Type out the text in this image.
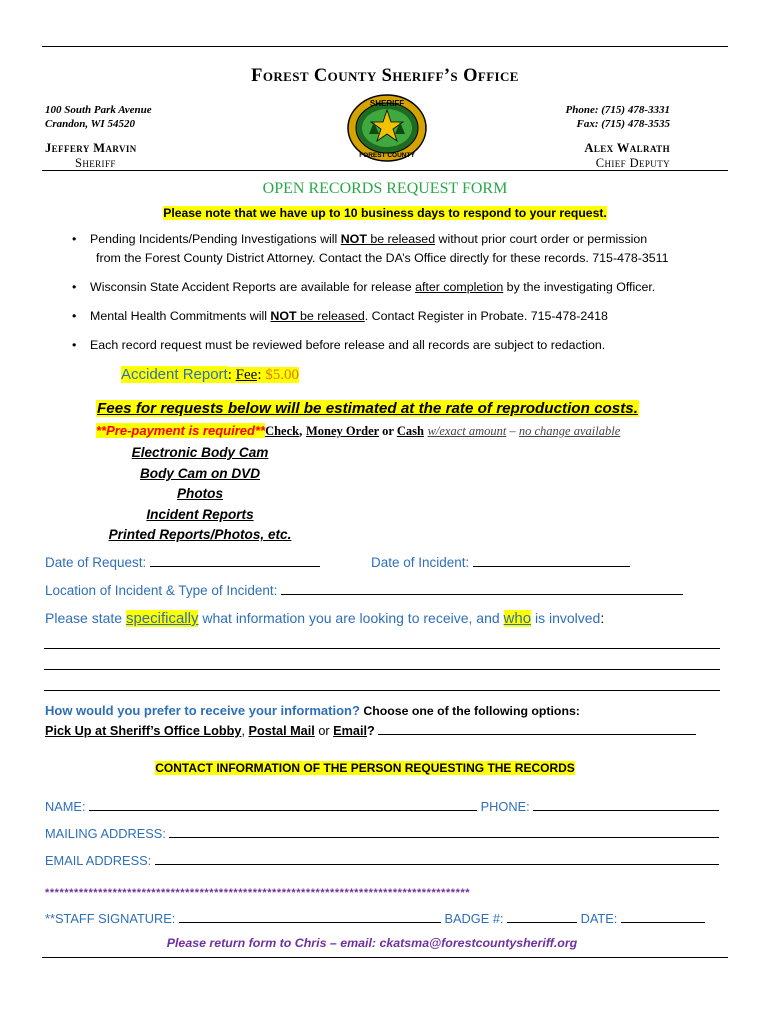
Forest County Sheriff’s Office
100 South Park Avenue
Crandon, WI 54520
Phone: (715) 478-3331
Fax: (715) 478-3535
Jeffery Marvin
Sheriff
Alex Walrath
Chief Deputy
SHERIFF
FOREST COUNTY
OPEN RECORDS REQUEST FORM
Please note that we have up to 10 business days to respond to your request.
• Pending Incidents/Pending Investigations will NOT be released without prior court order or permission
from the Forest County District Attorney. Contact the DA’s Office directly for these records. 715-478-3511
• Wisconsin State Accident Reports are available for release after completion by the investigating Officer.
• Mental Health Commitments will NOT be released. Contact Register in Probate. 715-478-2418
• Each record request must be reviewed before release and all records are subject to redaction.
Accident Report: Fee: $5.00
Fees for requests below will be estimated at the rate of reproduction costs.
**Pre-payment is required**Check, Money Order or Cash w/exact amount – no change available
Electronic Body Cam
Body Cam on DVD
Photos
Incident Reports
Printed Reports/Photos, etc.
Date of Request:	Date of Incident:
Location of Incident & Type of Incident:
Please state specifically what information you are looking to receive, and who is involved:
How would you prefer to receive your information? Choose one of the following options:
Pick Up at Sheriff’s Office Lobby, Postal Mail or Email?
CONTACT INFORMATION OF THE PERSON REQUESTING THE RECORDS
NAME:	PHONE:
MAILING ADDRESS:
EMAIL ADDRESS:
****************************************************************************************
**STAFF SIGNATURE:	BADGE #:	DATE:
Please return form to Chris – email: ckatsma@forestcountysheriff.org
